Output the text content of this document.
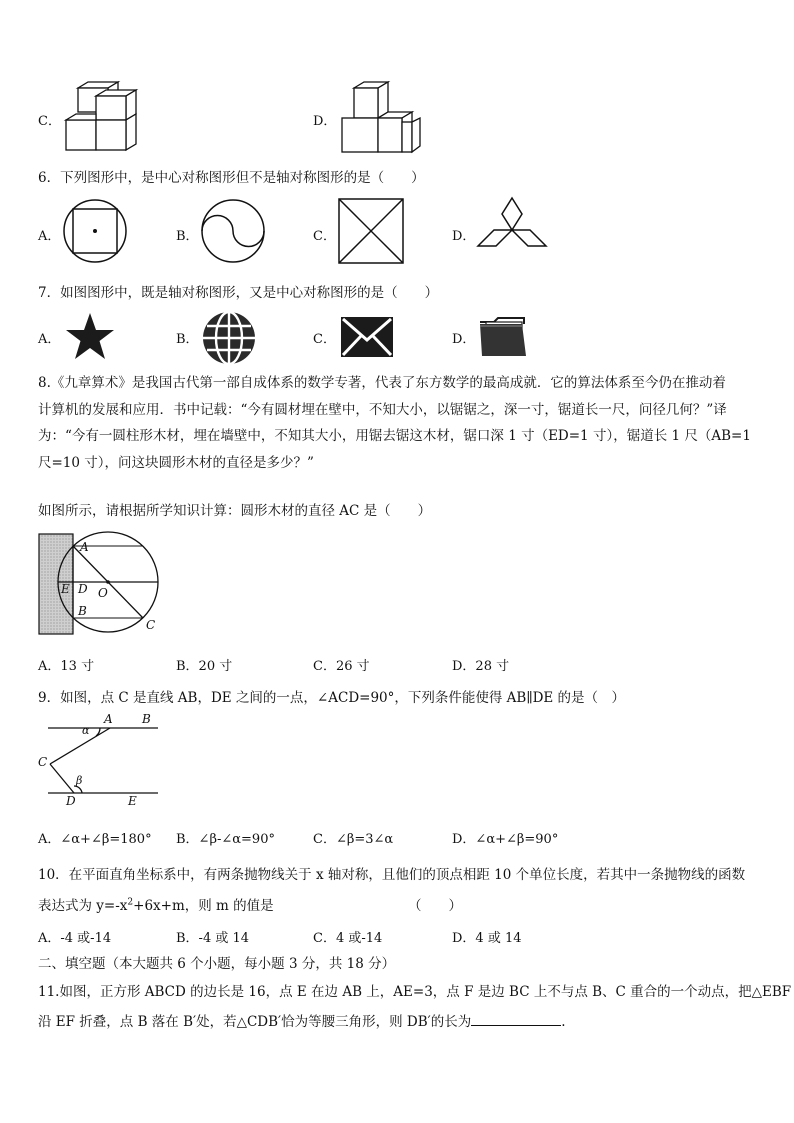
C．	D．
6．下列图形中，是中心对称图形但不是轴对称图形的是（　　）
A．	B．	C．	D．
7．如图图形中，既是轴对称图形，又是中心对称图形的是（　　）
A．	B．	C．	D．
8.《九章算术》是我国古代第一部自成体系的数学专著，代表了东方数学的最高成就．它的算法体系至今仍在推动着
计算机的发展和应用．书中记载：“今有圆材埋在壁中，不知大小，以锯锯之，深一寸，锯道长一尺，问径几何？”译
为：“今有一圆柱形木材，埋在墙壁中，不知其大小，用锯去锯这木材，锯口深 1 寸（ED=1 寸），锯道长 1 尺（AB=1
尺=10 寸），问这块圆形木材的直径是多少？”
如图所示，请根据所学知识计算：圆形木材的直径 AC 是（　　）
A
E D O
B
C
A．13 寸	B．20 寸	C．26 寸	D．28 寸
9．如图，点 C 是直线 AB，DE 之间的一点，∠ACD=90°，下列条件能使得 AB∥DE 的是（　）
A B
α
C
β
D	E
A．∠α+∠β=180° B．∠β-∠α=90°	C．∠β=3∠α	D．∠α+∠β=90°
10．在平面直角坐标系中，有两条抛物线关于 x 轴对称，且他们的顶点相距 10 个单位长度，若其中一条抛物线的函数
表达式为 $y=-x^2+6x+m$，则 m 的值是	（　　）
A．-4 或-14	B．-4 或 14	C．4 或-14	D．4 或 14
二、填空题（本大题共 6 个小题，每小题 3 分，共 18 分）
11.如图，正方形 ABCD 的边长是 16，点 E 在边 AB 上，AE=3，点 F 是边 BC 上不与点 B、C 重合的一个动点，把△EBF
沿 EF 折叠，点 B 落在 B′处，若△CDB′恰为等腰三角形，则 DB′的长为	.
